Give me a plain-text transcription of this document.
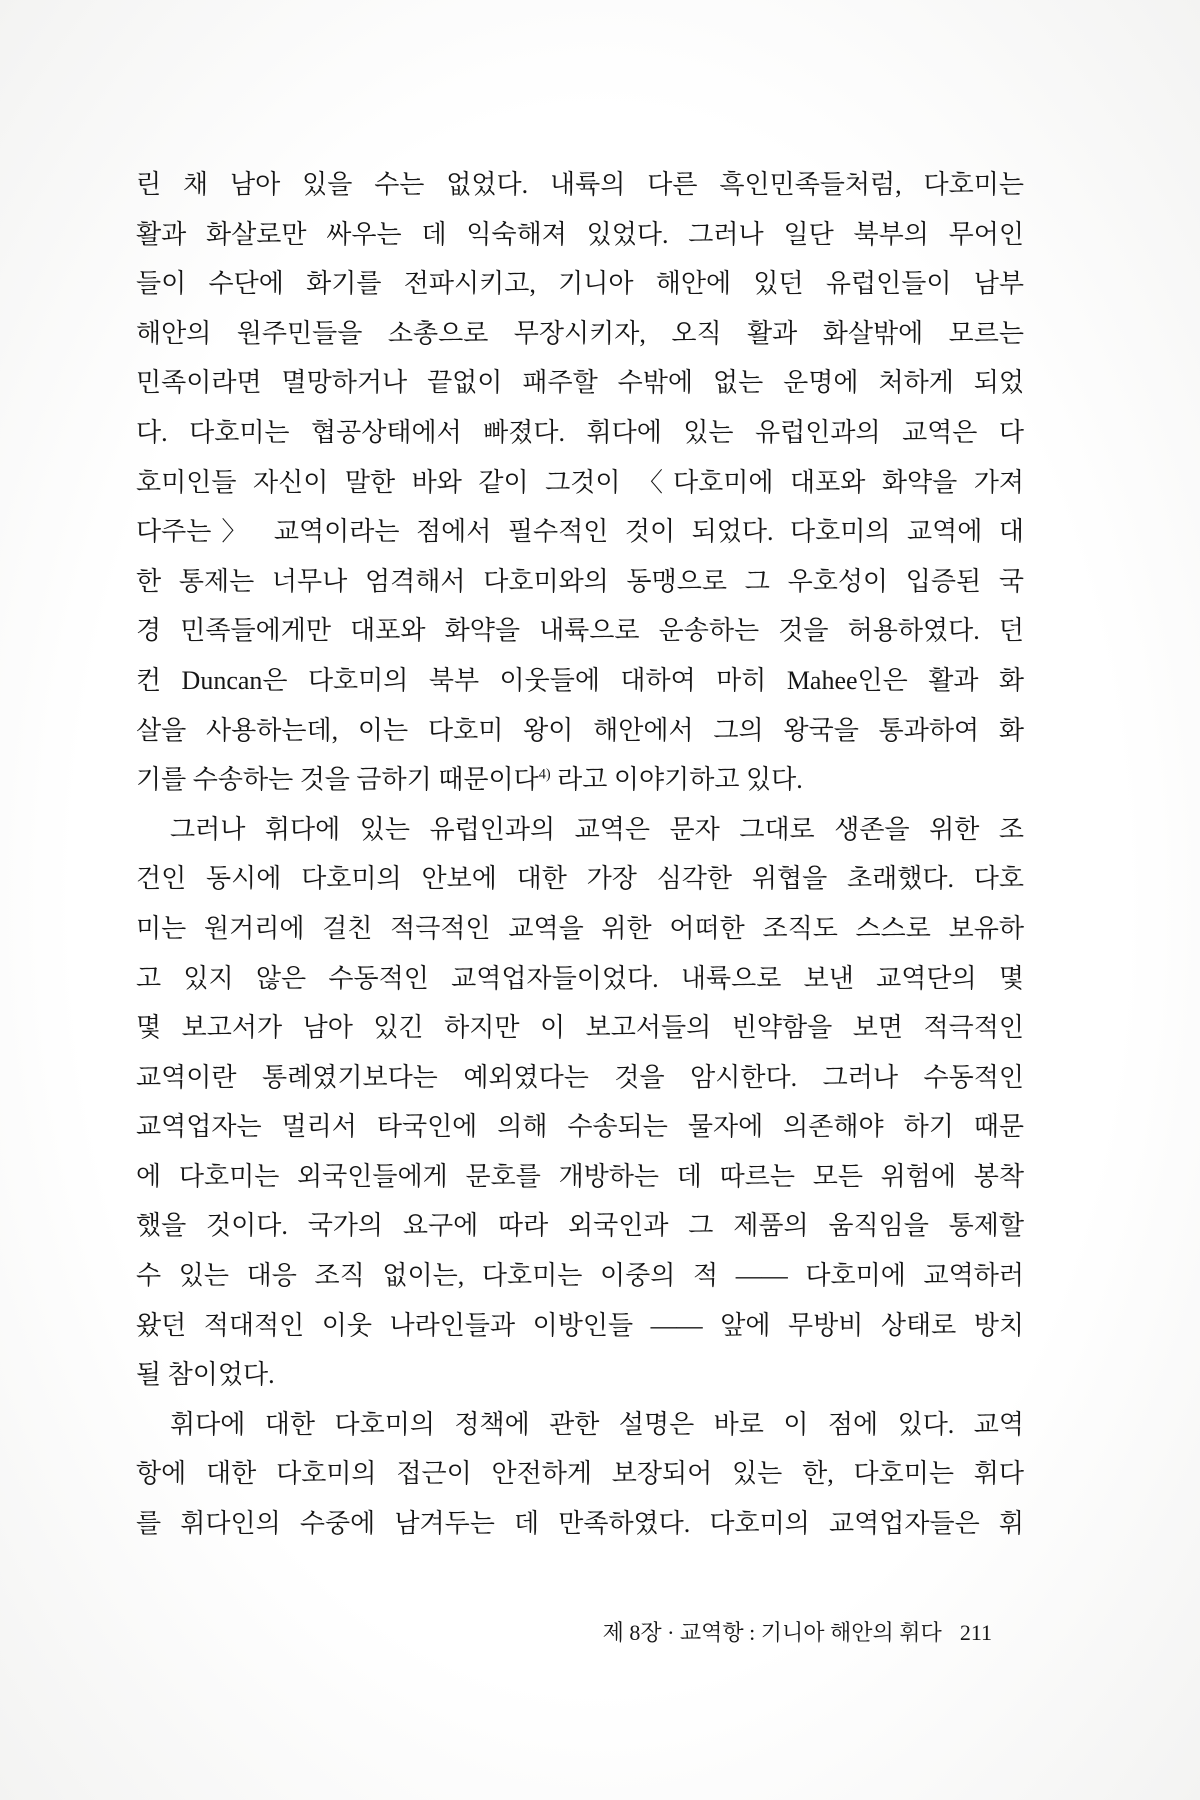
린 채 남아 있을 수는 없었다. 내륙의 다른 흑인민족들처럼, 다호미는
활과 화살로만 싸우는 데 익숙해져 있었다. 그러나 일단 북부의 무어인
들이 수단에 화기를 전파시키고, 기니아 해안에 있던 유럽인들이 남부
해안의 원주민들을 소총으로 무장시키자, 오직 활과 화살밖에 모르는
민족이라면 멸망하거나 끝없이 패주할 수밖에 없는 운명에 처하게 되었
다. 다호미는 협공상태에서 빠졌다. 휘다에 있는 유럽인과의 교역은 다
호미인들 자신이 말한 바와 같이 그것이 〈다호미에 대포와 화약을 가져
다주는〉 교역이라는 점에서 필수적인 것이 되었다. 다호미의 교역에 대
한 통제는 너무나 엄격해서 다호미와의 동맹으로 그 우호성이 입증된 국
경 민족들에게만 대포와 화약을 내륙으로 운송하는 것을 허용하였다. 던
컨 Duncan은 다호미의 북부 이웃들에 대하여 마히 Mahee인은 활과 화
살을 사용하는데, 이는 다호미 왕이 해안에서 그의 왕국을 통과하여 화
기를 수송하는 것을 금하기 때문이다$^{4)}$ 라고 이야기하고 있다.
그러나 휘다에 있는 유럽인과의 교역은 문자 그대로 생존을 위한 조
건인 동시에 다호미의 안보에 대한 가장 심각한 위협을 초래했다. 다호
미는 원거리에 걸친 적극적인 교역을 위한 어떠한 조직도 스스로 보유하
고 있지 않은 수동적인 교역업자들이었다. 내륙으로 보낸 교역단의 몇
몇 보고서가 남아 있긴 하지만 이 보고서들의 빈약함을 보면 적극적인
교역이란 통례였기보다는 예외였다는 것을 암시한다. 그러나 수동적인
교역업자는 멀리서 타국인에 의해 수송되는 물자에 의존해야 하기 때문
에 다호미는 외국인들에게 문호를 개방하는 데 따르는 모든 위험에 봉착
했을 것이다. 국가의 요구에 따라 외국인과 그 제품의 움직임을 통제할
수 있는 대응 조직 없이는, 다호미는 이중의 적 —— 다호미에 교역하러
왔던 적대적인 이웃 나라인들과 이방인들 —— 앞에 무방비 상태로 방치
될 참이었다.
휘다에 대한 다호미의 정책에 관한 설명은 바로 이 점에 있다. 교역
항에 대한 다호미의 접근이 안전하게 보장되어 있는 한, 다호미는 휘다
를 휘다인의 수중에 남겨두는 데 만족하였다. 다호미의 교역업자들은 휘
제 8장 · 교역항 : 기니아 해안의 휘다 211
